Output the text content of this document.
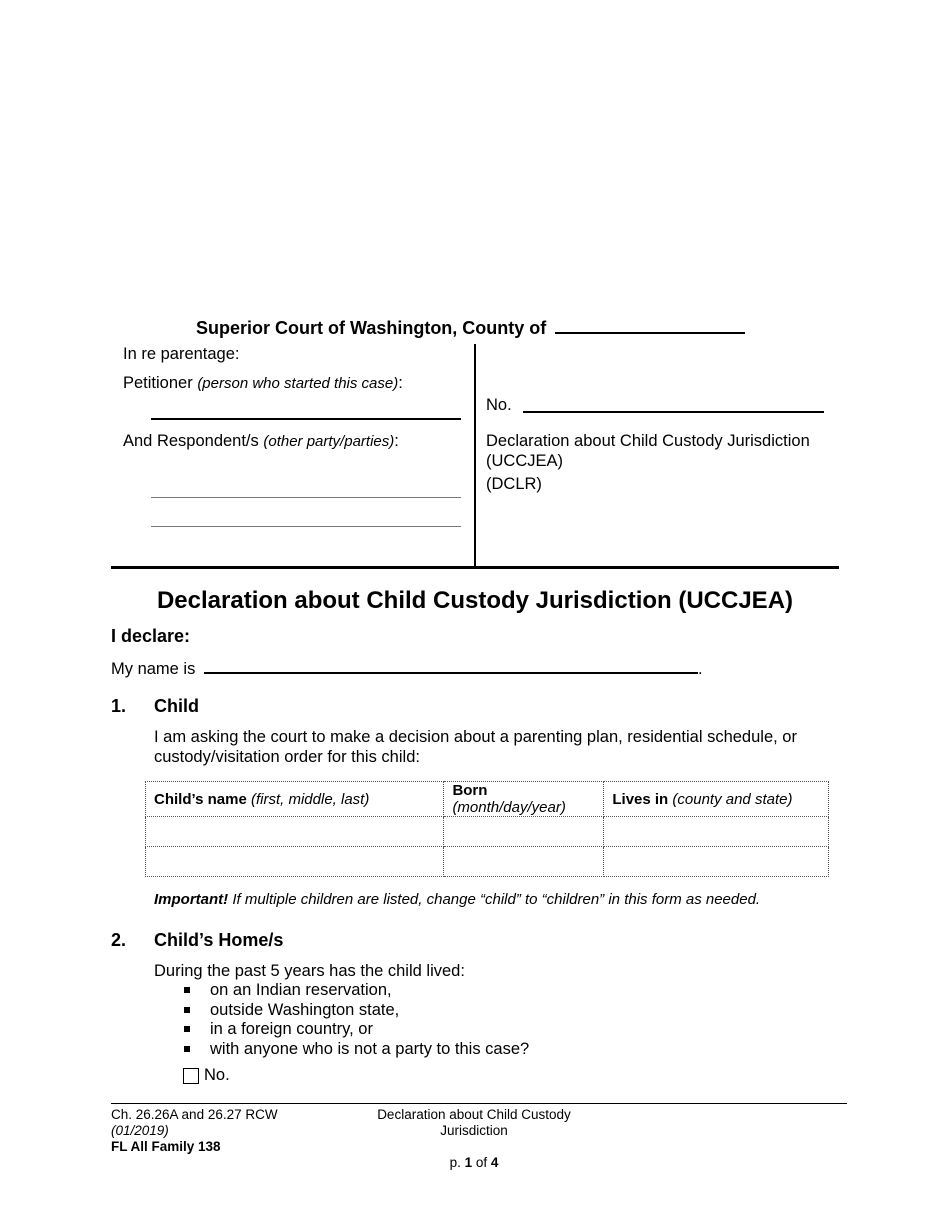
Superior Court of Washington, County of
In re parentage:
Petitioner (person who started this case):
And Respondent/s (other party/parties):
No.
Declaration about Child Custody Jurisdiction (UCCJEA)
(DCLR)
Declaration about Child Custody Jurisdiction (UCCJEA)
I declare:
My name is	.
1. Child
I am asking the court to make a decision about a parenting plan, residential schedule, or custody/visitation order for this child:
Child’s name (first, middle, last)	Born (month/day/year)	Lives in (county and state)

Important! If multiple children are listed, change “child” to “children” in this form as needed.
2. Child’s Home/s
During the past 5 years has the child lived:
on an Indian reservation,
outside Washington state,
in a foreign country, or
with anyone who is not a party to this case?
No.
Ch. 26.26A and 26.27 RCW
(01/2019)
FL All Family 138
Declaration about Child Custody
Jurisdiction
p. 1 of 4
